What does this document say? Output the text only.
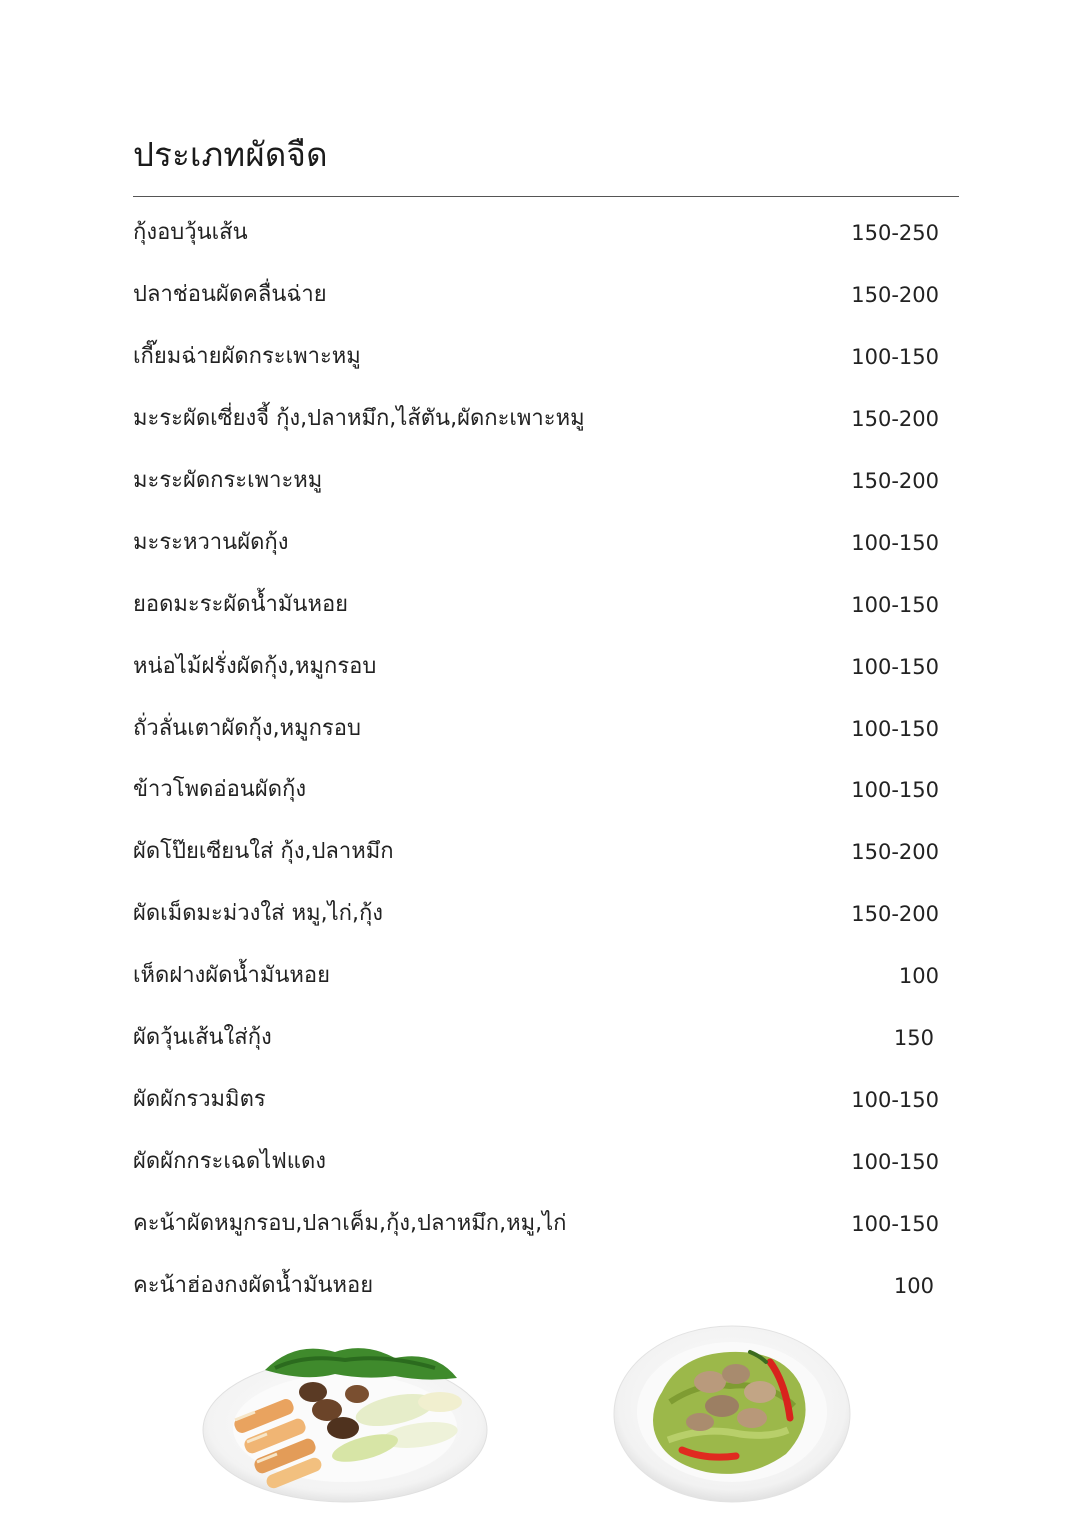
ประเภทผัดจืด
กุ้งอบวุ้นเส้น	150-250
ปลาช่อนผัดคลื่นฉ่าย	150-200
เกี๊ยมฉ่ายผัดกระเพาะหมู	100-150
มะระผัดเซี่ยงจี้ กุ้ง,ปลาหมึก,ไส้ตัน,ผัดกะเพาะหมู	150-200
มะระผัดกระเพาะหมู	150-200
มะระหวานผัดกุ้ง	100-150
ยอดมะระผัดน้ำมันหอย	100-150
หน่อไม้ฝรั่งผัดกุ้ง,หมูกรอบ	100-150
ถั่วลั่นเตาผัดกุ้ง,หมูกรอบ	100-150
ข้าวโพดอ่อนผัดกุ้ง	100-150
ผัดโป๊ยเซียนใส่ กุ้ง,ปลาหมึก	150-200
ผัดเม็ดมะม่วงใส่ หมู,ไก่,กุ้ง	150-200
เห็ดฝางผัดน้ำมันหอย	100
ผัดวุ้นเส้นใส่กุ้ง	150
ผัดผักรวมมิตร	100-150
ผัดผักกระเฉดไฟแดง	100-150
คะน้าผัดหมูกรอบ,ปลาเค็ม,กุ้ง,ปลาหมึก,หมู,ไก่	100-150
คะน้าฮ่องกงผัดน้ำมันหอย	100
